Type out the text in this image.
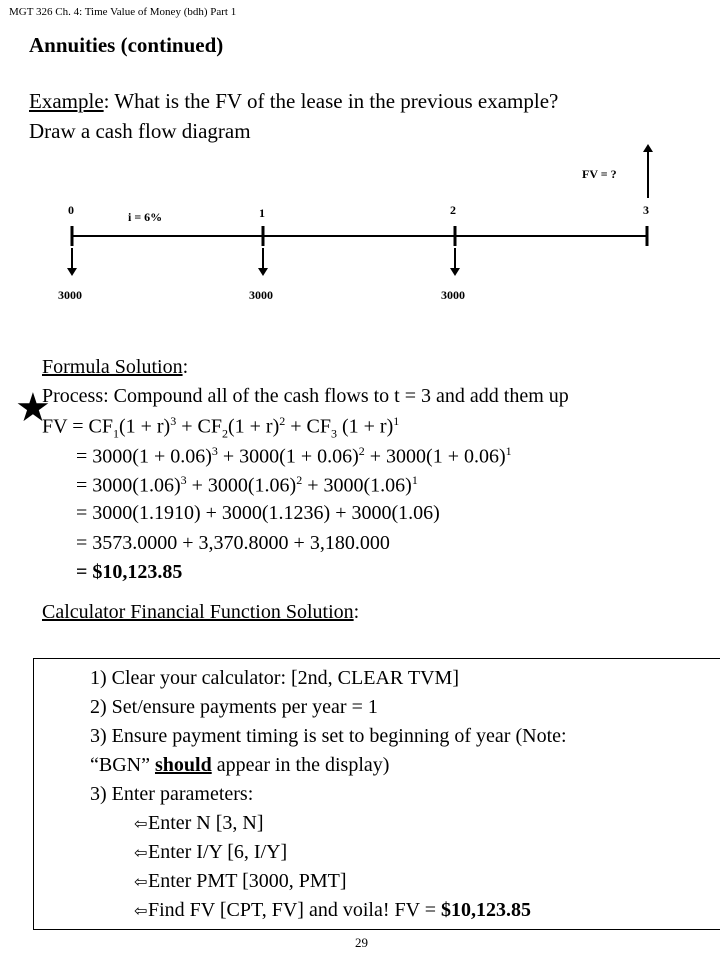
MGT 326 Ch. 4: Time Value of Money (bdh) Part 1
Annuities (continued)
Example: What is the FV of the lease in the previous example?
Draw a cash flow diagram
0	1	2	3
i = 6%
FV = ?
3000	3000	3000
Formula Solution:
Process: Compound all of the cash flows to t = 3 and add them up
★
FV = $CF_1(1 + r)^3 + CF_2(1 + r)^2 + CF_3$ $(1 + r)^1$
= $3000(1 + 0.06)^3 + 3000(1 + 0.06)^2 + 3000(1 + 0.06)^1$
= $3000(1.06)^3 + 3000(1.06)^2 + 3000(1.06)^1$
= 3000(1.1910) + 3000(1.1236) + 3000(1.06)
= 3573.0000 + 3,370.8000 + 3,180.000
= $10,123.85
Calculator Financial Function Solution:
1) Clear your calculator: [2nd, CLEAR TVM]
2) Set/ensure payments per year = 1
3) Ensure payment timing is set to beginning of year (Note:
“BGN” should appear in the display)
3) Enter parameters:
⇦Enter N [3, N]
⇦Enter I/Y [6, I/Y]
⇦Enter PMT [3000, PMT]
⇦Find FV [CPT, FV] and voila! FV = $10,123.85
29
